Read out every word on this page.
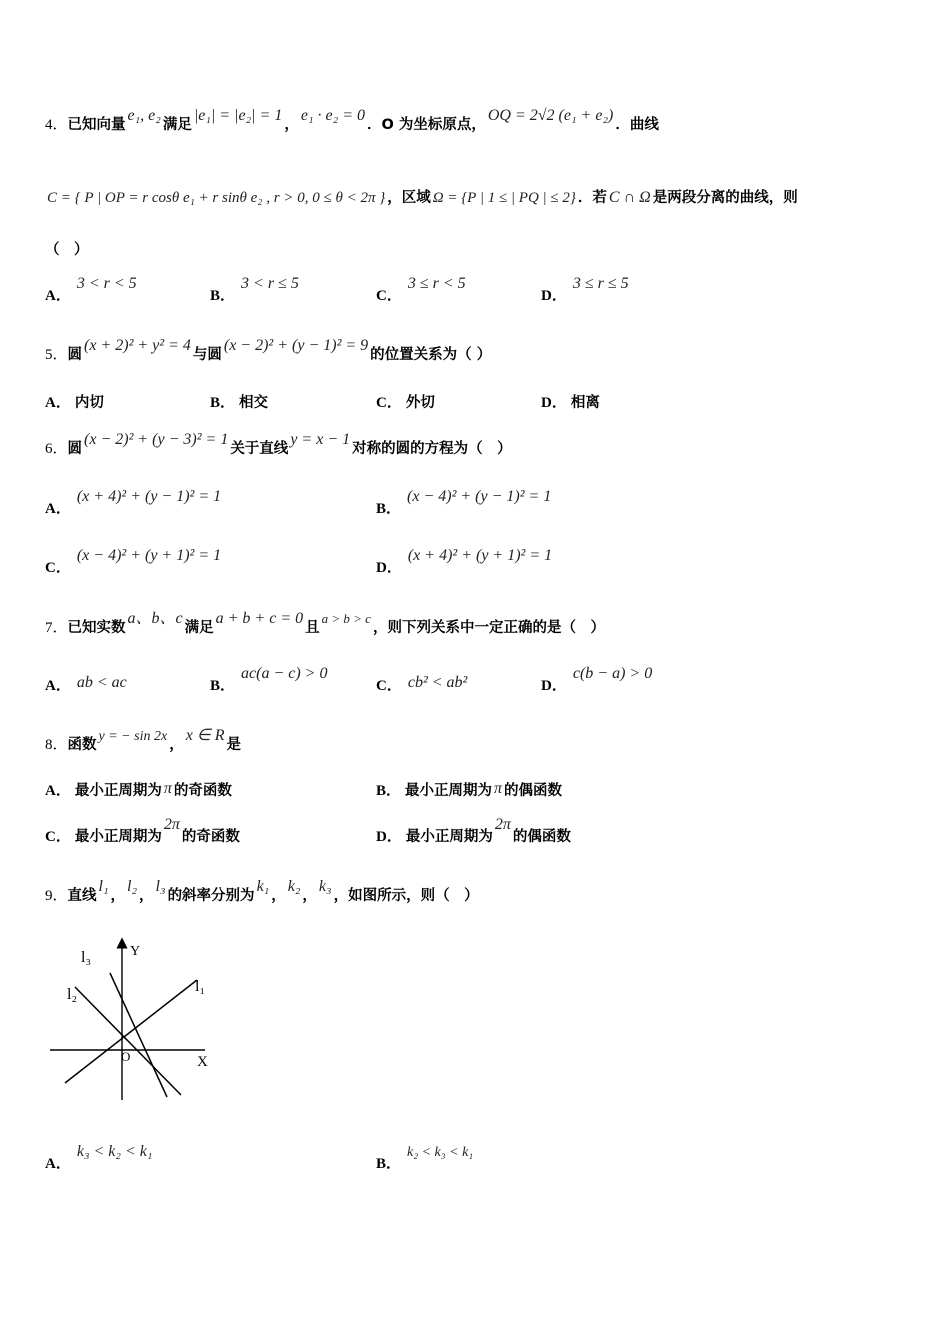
4．已知向量e₁, e₂满足|e₁| = |e₂| = 1，e₁ · e₂ = 0．O 为坐标原点，OQ = 2√2 (e₁ + e₂)．曲线
C = { P | OP = r cosθ e₁ + r sinθ e₂ , r > 0, 0 ≤ θ < 2π } ，区域 Ω = {P | 1 ≤ | PQ | ≤ 2} ．若 C ∩ Ω 是两段分离的曲线，则
（　）
A．3 < r < 5
B．3 < r ≤ 5
C．3 ≤ r < 5
D．3 ≤ r ≤ 5
5．圆(x + 2)² + y² = 4与圆(x − 2)² + (y − 1)² = 9的位置关系为（ ）
A． 内切	B． 相交	C． 外切	D． 相离
6．圆(x − 2)² + (y − 3)² = 1关于直线y = x − 1对称的圆的方程为（　）
A．(x + 4)² + (y − 1)² = 1
B．(x − 4)² + (y − 1)² = 1
C．(x − 4)² + (y + 1)² = 1
D．(x + 4)² + (y + 1)² = 1
7．已知实数a、b、c满足a + b + c = 0且a > b > c，则下列关系中一定正确的是（　）
A． ab < ac	B．ac(a − c) > 0
C． cb² < ab²	D．c(b − a) > 0
8．函数y = − sin 2x，x ∈ R是
A． 最小正周期为 π 的奇函数	B． 最小正周期为 π 的偶函数
C． 最小正周期为2π的奇函数	D． 最小正周期为2π的偶函数
9．直线l₁，l₂，l₃的斜率分别为k₁，k₂，k₃，如图所示，则（　）
X
Y
O
l₁
l₂
l₃
A．k₃ < k₂ < k₁
B．k₂ < k₃ < k₁
